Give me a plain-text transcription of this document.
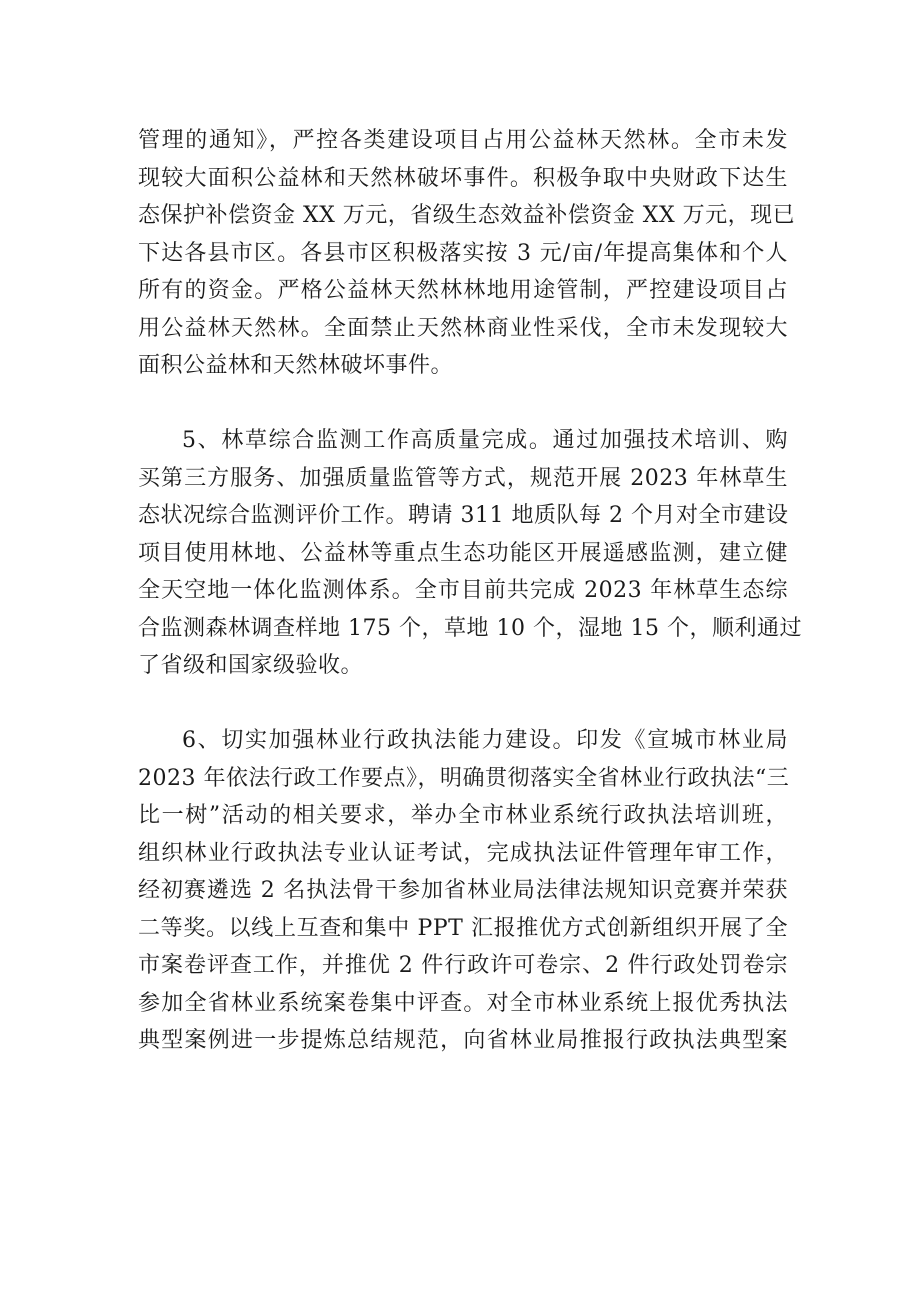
管理的通知》，严控各类建设项目占用公益林天然林。全市未发
现较大面积公益林和天然林破坏事件。积极争取中央财政下达生
态保护补偿资金 XX 万元，省级生态效益补偿资金 XX 万元，现已
下达各县市区。各县市区积极落实按 3 元/亩/年提高集体和个人
所有的资金。严格公益林天然林林地用途管制，严控建设项目占
用公益林天然林。全面禁止天然林商业性采伐，全市未发现较大
面积公益林和天然林破坏事件。
5、林草综合监测工作高质量完成。通过加强技术培训、购
买第三方服务、加强质量监管等方式，规范开展 2023 年林草生
态状况综合监测评价工作。聘请 311 地质队每 2 个月对全市建设
项目使用林地、公益林等重点生态功能区开展遥感监测，建立健
全天空地一体化监测体系。全市目前共完成 2023 年林草生态综
合监测森林调查样地 175 个，草地 10 个，湿地 15 个，顺利通过
了省级和国家级验收。
6、切实加强林业行政执法能力建设。印发《宣城市林业局
2023 年依法行政工作要点》，明确贯彻落实全省林业行政执法“三
比一树”活动的相关要求，举办全市林业系统行政执法培训班，
组织林业行政执法专业认证考试，完成执法证件管理年审工作，
经初赛遴选 2 名执法骨干参加省林业局法律法规知识竞赛并荣获
二等奖。以线上互查和集中 PPT 汇报推优方式创新组织开展了全
市案卷评查工作，并推优 2 件行政许可卷宗、2 件行政处罚卷宗
参加全省林业系统案卷集中评查。对全市林业系统上报优秀执法
典型案例进一步提炼总结规范，向省林业局推报行政执法典型案
